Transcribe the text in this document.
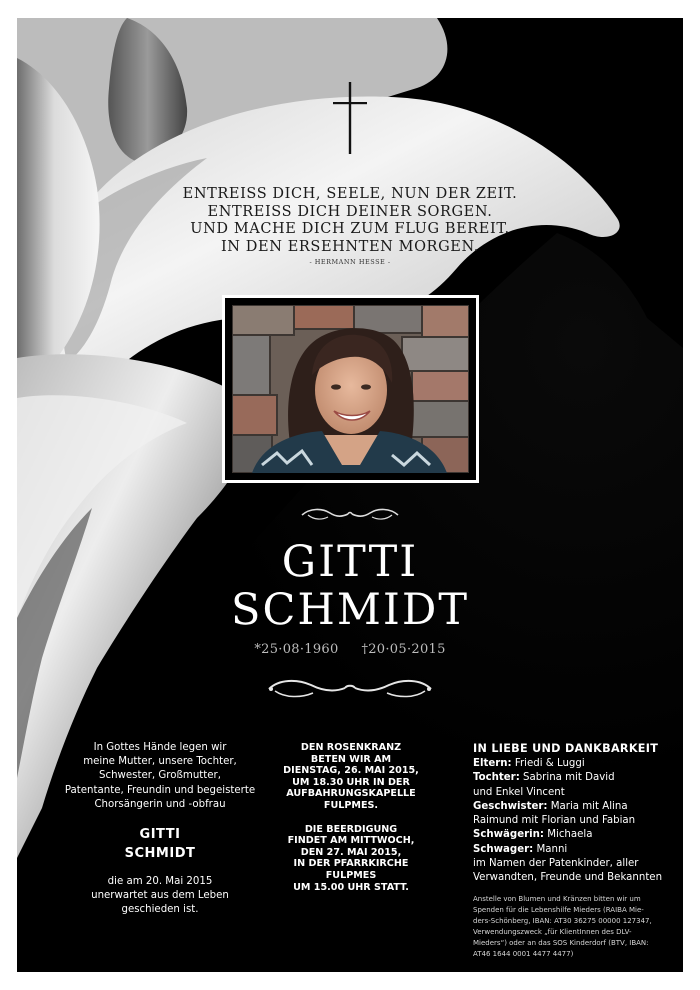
ENTREISS DICH, SEELE, NUN DER ZEIT.
ENTREISS DICH DEINER SORGEN.
UND MACHE DICH ZUM FLUG BEREIT.
IN DEN ERSEHNTEN MORGEN.
- HERMANN HESSE -
GITTI
SCHMIDT
*25·08·1960 †20·05·2015
In Gottes Hände legen wir
meine Mutter, unsere Tochter,
Schwester, Großmutter,
Patentante, Freundin und begeisterte
Chorsängerin und -obfrau
GITTI
SCHMIDT
die am 20. Mai 2015
unerwartet aus dem Leben
geschieden ist.
DEN ROSENKRANZ
BETEN WIR AM
DIENSTAG, 26. MAI 2015,
UM 18.30 UHR IN DER
AUFBAHRUNGSKAPELLE
FULPMES.
DIE BEERDIGUNG
FINDET AM MITTWOCH,
DEN 27. MAI 2015,
IN DER PFARRKIRCHE
FULPMES
UM 15.00 UHR STATT.
IN LIEBE UND DANKBARKEIT
Eltern: Friedi & Luggi
Tochter: Sabrina mit David
und Enkel Vincent
Geschwister: Maria mit Alina
Raimund mit Florian und Fabian
Schwägerin: Michaela
Schwager: Manni
im Namen der Patenkinder, aller
Verwandten, Freunde und Bekannten
Anstelle von Blumen und Kränzen bitten wir um
Spenden für die Lebenshilfe Mieders (RAIBA Mie-
ders-Schönberg, IBAN: AT30 36275 00000 127347,
Verwendungszweck „für KlientInnen des DLV-
Mieders“) oder an das SOS Kinderdorf (BTV, IBAN:
AT46 1644 0001 4477 4477)
